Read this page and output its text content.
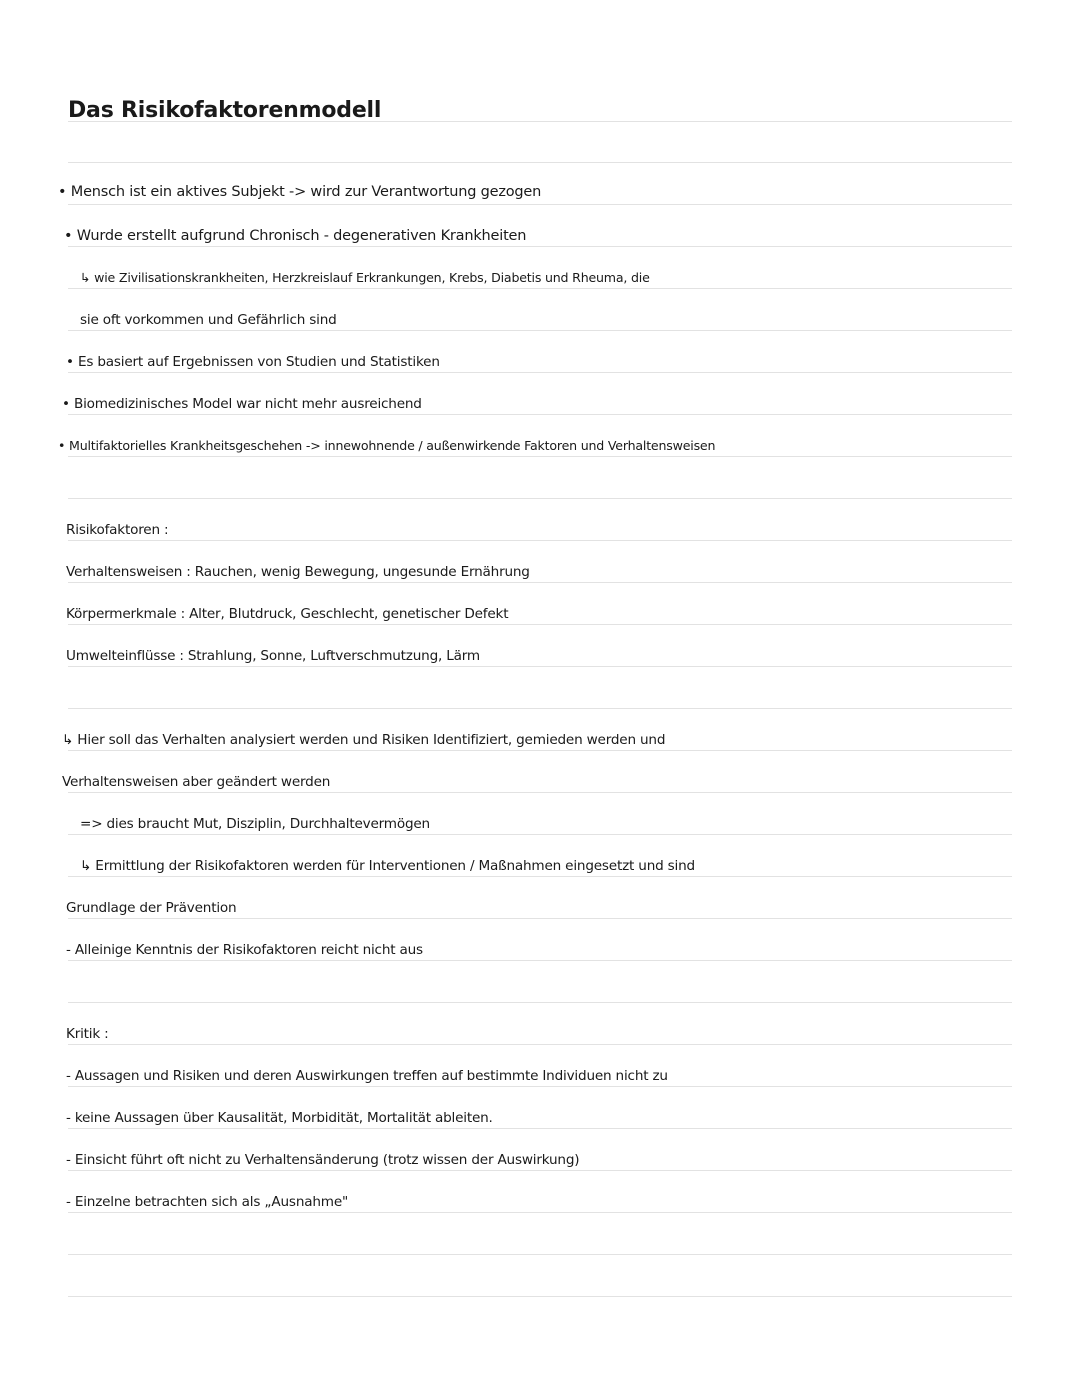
Das Risikofaktorenmodell
• Mensch ist ein aktives Subjekt -> wird zur Verantwortung gezogen
• Wurde erstellt aufgrund Chronisch - degenerativen Krankheiten
↳ wie Zivilisationskrankheiten, Herzkreislauf Erkrankungen, Krebs, Diabetis und Rheuma, die
sie oft vorkommen und Gefährlich sind
• Es basiert auf Ergebnissen von Studien und Statistiken
• Biomedizinisches Model war nicht mehr ausreichend
• Multifaktorielles Krankheitsgeschehen -> innewohnende / außenwirkende Faktoren und Verhaltensweisen
Risikofaktoren :
Verhaltensweisen : Rauchen, wenig Bewegung, ungesunde Ernährung
Körpermerkmale : Alter, Blutdruck, Geschlecht, genetischer Defekt
Umwelteinflüsse : Strahlung, Sonne, Luftverschmutzung, Lärm
↳ Hier soll das Verhalten analysiert werden und Risiken Identifiziert, gemieden werden und
Verhaltensweisen aber geändert werden
=> dies braucht Mut, Disziplin, Durchhaltevermögen
↳ Ermittlung der Risikofaktoren werden für Interventionen / Maßnahmen eingesetzt und sind
Grundlage der Prävention
- Alleinige Kenntnis der Risikofaktoren reicht nicht aus
Kritik :
- Aussagen und Risiken und deren Auswirkungen treffen auf bestimmte Individuen nicht zu
- keine Aussagen über Kausalität, Morbidität, Mortalität ableiten.
- Einsicht führt oft nicht zu Verhaltensänderung (trotz wissen der Auswirkung)
- Einzelne betrachten sich als „Ausnahme"
